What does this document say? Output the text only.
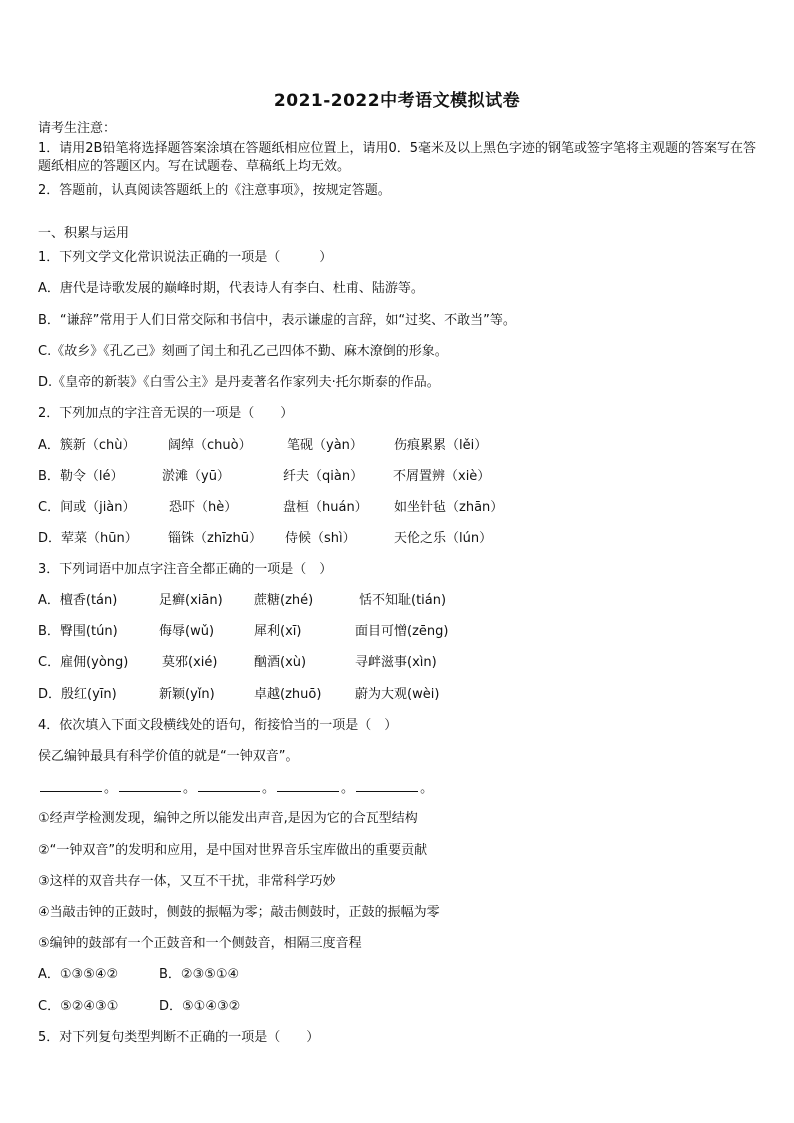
2021-2022中考语文模拟试卷
请考生注意：
1．请用2B铅笔将选择题答案涂填在答题纸相应位置上，请用0．5毫米及以上黑色字迹的钢笔或签字笔将主观题的答案写在答题纸相应的答题区内。写在试题卷、草稿纸上均无效。
2．答题前，认真阅读答题纸上的《注意事项》，按规定答题。
一、积累与运用
1．下列文学文化常识说法正确的一项是（　　　）
A．唐代是诗歌发展的巅峰时期，代表诗人有李白、杜甫、陆游等。
B．“谦辞”常用于人们日常交际和书信中，表示谦虚的言辞，如“过奖、不敢当”等。
C.《故乡》《孔乙己》刻画了闰土和孔乙己四体不勤、麻木潦倒的形象。
D.《皇帝的新装》《白雪公主》是丹麦著名作家列夫·托尔斯泰的作品。
2．下列加点的字注音无误的一项是（　　）
A．簇新（chù） 阔绰（chuò）	笔砚（yàn） 伤痕累累（lěi）
B．勒令（lé）	淤滩（yū）	纤夫（qiàn） 不屑置辨（xiè）
C．间或（jiàn）	恐吓（hè）	盘桓（huán） 如坐针毡（zhān）
D．荤菜（hūn） 锱铢（zhīzhū） 侍候（shì）	天伦之乐（lún）
3．下列词语中加点字注音全都正确的一项是（　）
A．檀香(tán)	足癣(xiān) 蔗糖(zhé)	恬不知耻(tián)
B．臀围(tún)	侮辱(wǔ)	犀利(xī)	面目可憎(zēng)
C．雇佣(yòng)	莫邪(xié)	酗酒(xù)	寻衅滋事(xìn)
D．殷红(yīn)	新颖(yǐn)	卓越(zhuō)	蔚为大观(wèi)
4．依次填入下面文段横线处的语句，衔接恰当的一项是（　）
侯乙编钟最具有科学价值的就是“一钟双音”。
。	。	。	。	。
①经声学检测发现，编钟之所以能发出声音,是因为它的合瓦型结构
②“一钟双音”的发明和应用，是中国对世界音乐宝库做出的重要贡献
③这样的双音共存一体，又互不干扰，非常科学巧妙
④当敲击钟的正鼓时，侧鼓的振幅为零；敲击侧鼓时，正鼓的振幅为零
⑤编钟的鼓部有一个正鼓音和一个侧鼓音，相隔三度音程
A．①③⑤④②	B．②③⑤①④
C．⑤②④③①	D．⑤①④③②
5．对下列复句类型判断不正确的一项是（　　）
